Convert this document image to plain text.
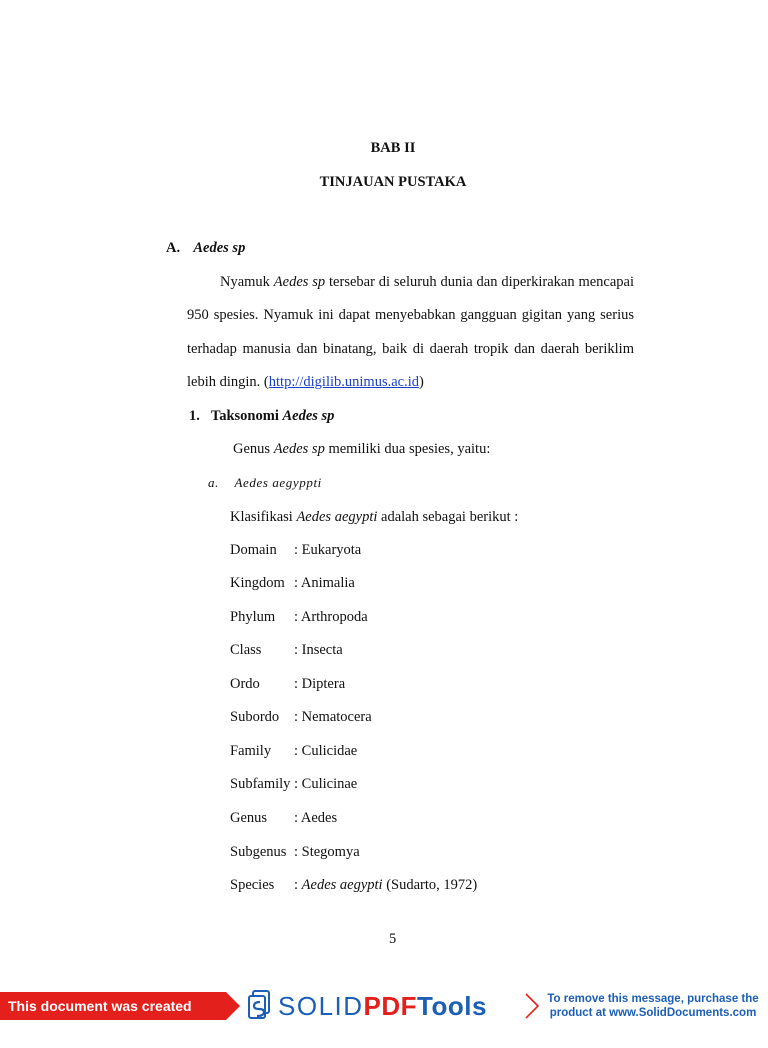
BAB II
TINJAUAN PUSTAKA
A. Aedes sp
Nyamuk Aedes sp tersebar di seluruh dunia dan diperkirakan mencapai
950 spesies. Nyamuk ini dapat menyebabkan gangguan gigitan yang serius
terhadap manusia dan binatang, baik di daerah tropik dan daerah beriklim
lebih dingin. (http://digilib.unimus.ac.id)
1. Taksonomi Aedes sp
Genus Aedes sp memiliki dua spesies, yaitu:
a. Aedes aegyppti
Klasifikasi Aedes aegypti adalah sebagai berikut :
Domain : Eukaryota
Kingdom : Animalia
Phylum : Arthropoda
Class : Insecta
Ordo : Diptera
Subordo : Nematocera
Family : Culicidae
Subfamily : Culicinae
Genus : Aedes
Subgenus : Stegomya
Species : Aedes aegypti (Sudarto, 1972)
5
This document was created using
SOLIDPDFTools	To remove this message, purchase the
product at www.SolidDocuments.com
